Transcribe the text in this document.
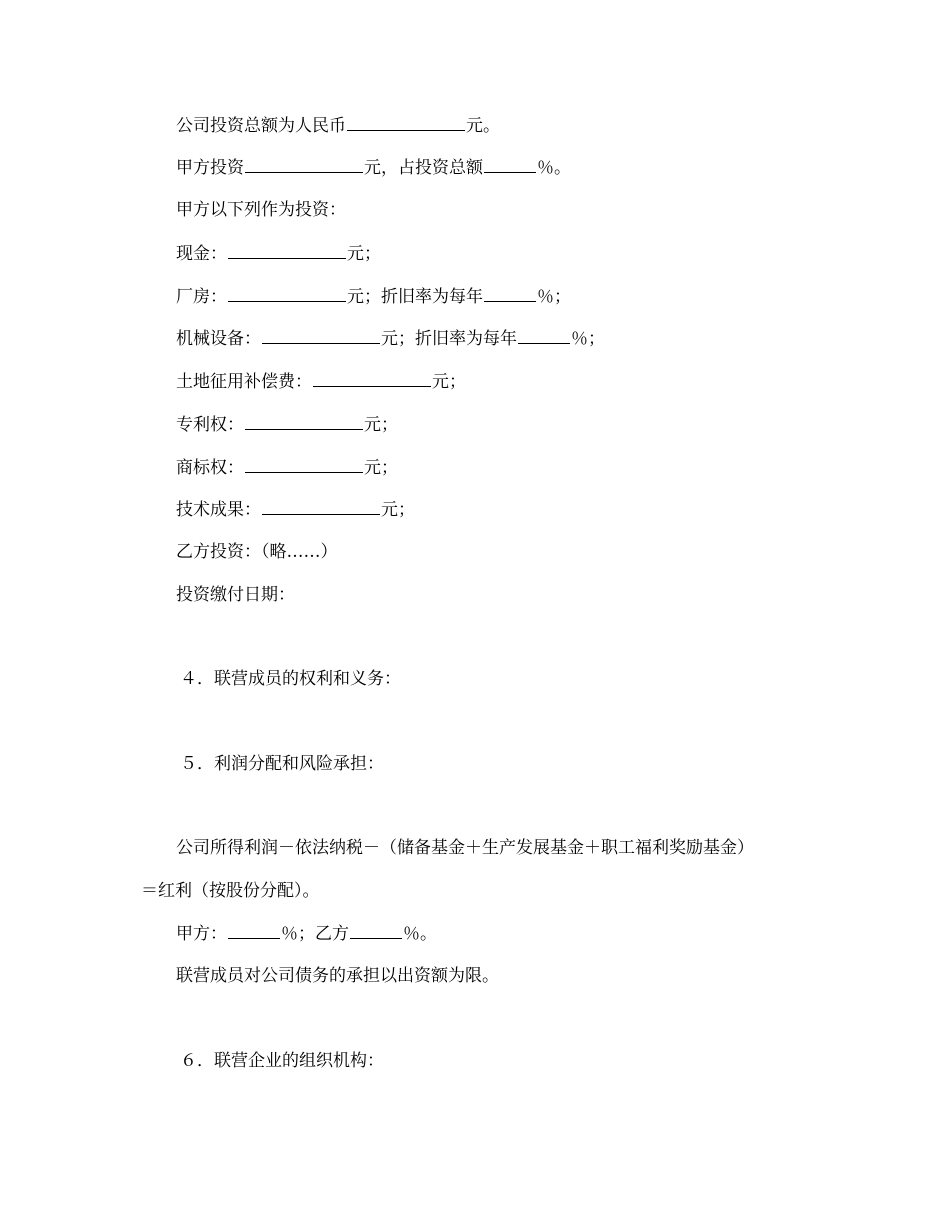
公司投资总额为人民币	元。
甲方投资	元，占投资总额	％。
甲方以下列作为投资：
现金：	元；
厂房：	元；折旧率为每年	％；
机械设备：	元；折旧率为每年	％；
土地征用补偿费：	元；
专利权：	元；
商标权：	元；
技术成果：	元；
乙方投资：（略……）
投资缴付日期：
４．联营成员的权利和义务：
５．利润分配和风险承担：
公司所得利润－依法纳税－（储备基金＋生产发展基金＋职工福利奖励基金）
＝红利（按股份分配）。
甲方：	％；乙方	％。
联营成员对公司债务的承担以出资额为限。
６．联营企业的组织机构：
